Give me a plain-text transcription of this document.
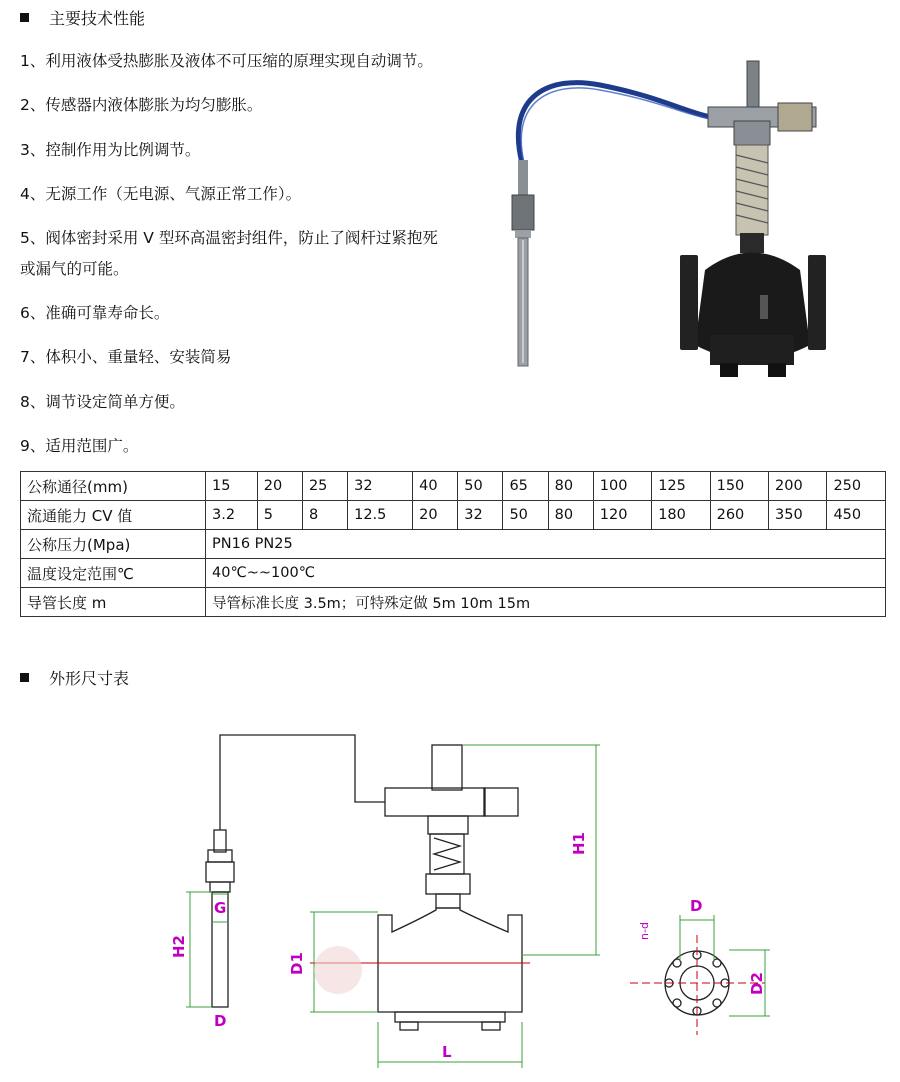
主要技术性能
1、利用液体受热膨胀及液体不可压缩的原理实现自动调节。
2、传感器内液体膨胀为均匀膨胀。
3、控制作用为比例调节。
4、无源工作（无电源、气源正常工作）。
5、阀体密封采用 V 型环高温密封组件，防止了阀杆过紧抱死
或漏气的可能。
6、准确可靠寿命长。
7、体积小、重量轻、安装简易
8、调节设定简单方便。
9、适用范围广。
公称通径(mm)	15	20	25	32	40	50	65	80	100	125	150	200	250
流通能力 CV 值	3.2	5	8	12.5	20	32	50	80	120	180	260	350	450
公称压力(Mpa)	PN16 PN25												
温度设定范围℃	40℃~~100℃												
导管长度 m	导管标准长度 3.5m；可特殊定做 5m 10m 15m												
外形尺寸表
H1
H2
G
D
D1
L
D
D2
n-d
